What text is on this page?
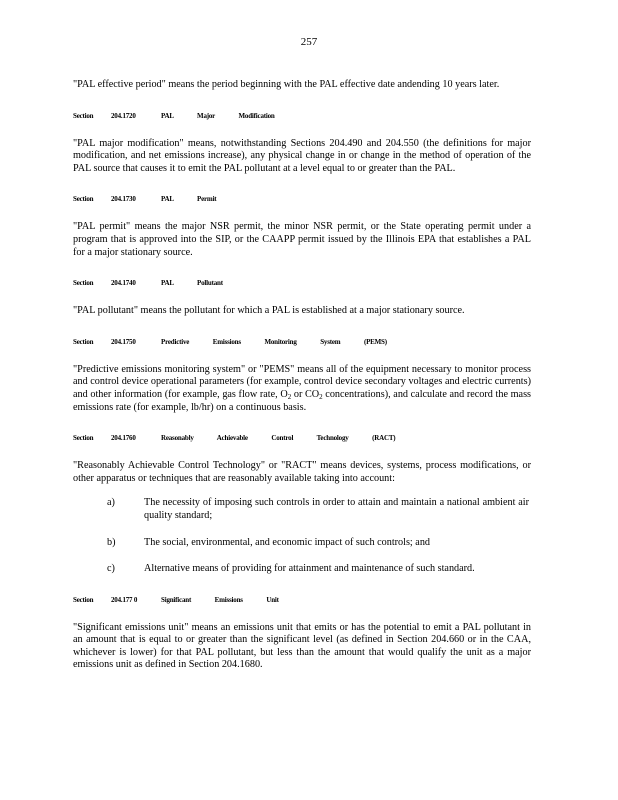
257

"PAL effective period" means the period beginning with the PAL effective date andending 10 years later.

Section	204.1720	PAL Major Modification

"PAL major modification" means, notwithstanding Sections 204.490 and 204.550 (the definitions for major modification, and net emissions increase), any physical change in or change in the method of operation of the PAL source that causes it to emit the PAL pollutant at a level equal to or greater than the PAL.

Section	204.1730	PAL Permit

"PAL permit" means the major NSR permit, the minor NSR permit, or the State operating permit under a program that is approved into the SIP, or the CAAPP permit issued by the Illinois EPA that establishes a PAL for a major stationary source.

Section	204.1740	PAL Pollutant

"PAL pollutant" means the pollutant for which a PAL is established at a major stationary source.

Section	204.1750	Predictive Emissions Monitoring System (PEMS)

"Predictive emissions monitoring system" or "PEMS" means all of the equipment necessary to monitor process and control device operational parameters (for example, control device secondary voltages and electric currents) and other information (for example, gas flow rate, $O_2$ or $CO_2$ concentrations), and calculate and record the mass emissions rate (for example, lb/hr) on a continuous basis.

Section	204.1760	Reasonably Achievable Control Technology (RACT)

"Reasonably Achievable Control Technology" or "RACT" means devices, systems, process modifications, or other apparatus or techniques that are reasonably available taking into account:

a)	The necessity of imposing such controls in order to attain and maintain a national ambient air quality standard;
b)	The social, environmental, and economic impact of such controls; and
c)	Alternative means of providing for attainment and maintenance of such standard.
Section	204.177 0	Significant Emissions Unit

"Significant emissions unit" means an emissions unit that emits or has the potential to emit a PAL pollutant in an amount that is equal to or greater than the significant level (as defined in Section 204.660 or in the CAA, whichever is lower) for that PAL pollutant, but less than the amount that would qualify the unit as a major emissions unit as defined in Section 204.1680.
